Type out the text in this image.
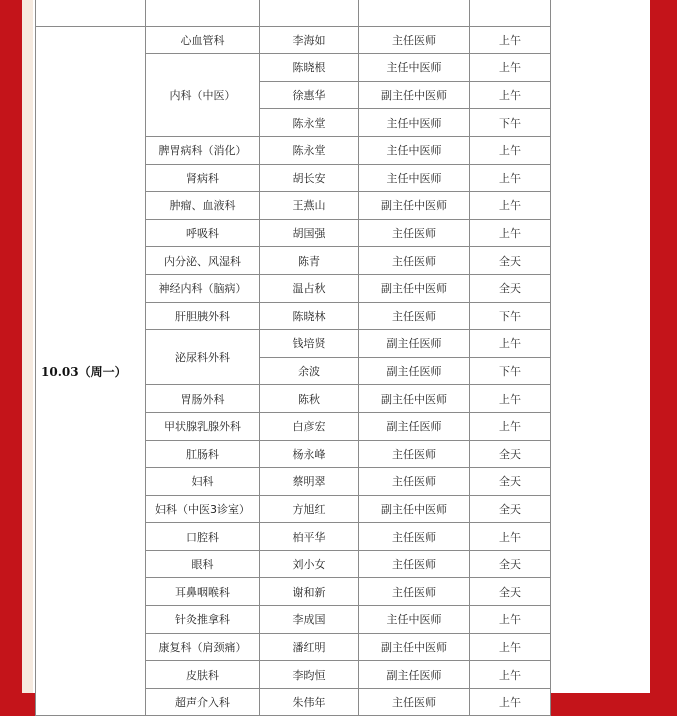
10.03（周一）	心血管科	李海如	主任医师	上午
	内科（中医）	陈晓根	主任中医师	上午
		徐惠华	副主任中医师	上午
		陈永堂	主任中医师	下午
	脾胃病科（消化）	陈永堂	主任中医师	上午
	肾病科	胡长安	主任中医师	上午
	肿瘤、血液科	王燕山	副主任中医师	上午
	呼吸科	胡国强	主任医师	上午
	内分泌、风湿科	陈青	主任医师	全天
	神经内科（脑病）	温占秋	副主任中医师	全天
	肝胆胰外科	陈晓林	主任医师	下午
	泌尿科外科	钱培贤	副主任医师	上午
		余波	副主任医师	下午
	胃肠外科	陈秋	副主任中医师	上午
	甲状腺乳腺外科	白彦宏	副主任医师	上午
	肛肠科	杨永峰	主任医师	全天
	妇科	蔡明翠	主任医师	全天
	妇科（中医3诊室）	方旭红	副主任中医师	全天
	口腔科	柏平华	主任医师	上午
	眼科	刘小女	主任医师	全天
	耳鼻咽喉科	谢和新	主任医师	全天
	针灸推拿科	李成国	主任中医师	上午
	康复科（肩颈痛）	潘红明	副主任中医师	上午
	皮肤科	李昀恒	副主任医师	上午
	超声介入科	朱伟年	主任医师	上午
